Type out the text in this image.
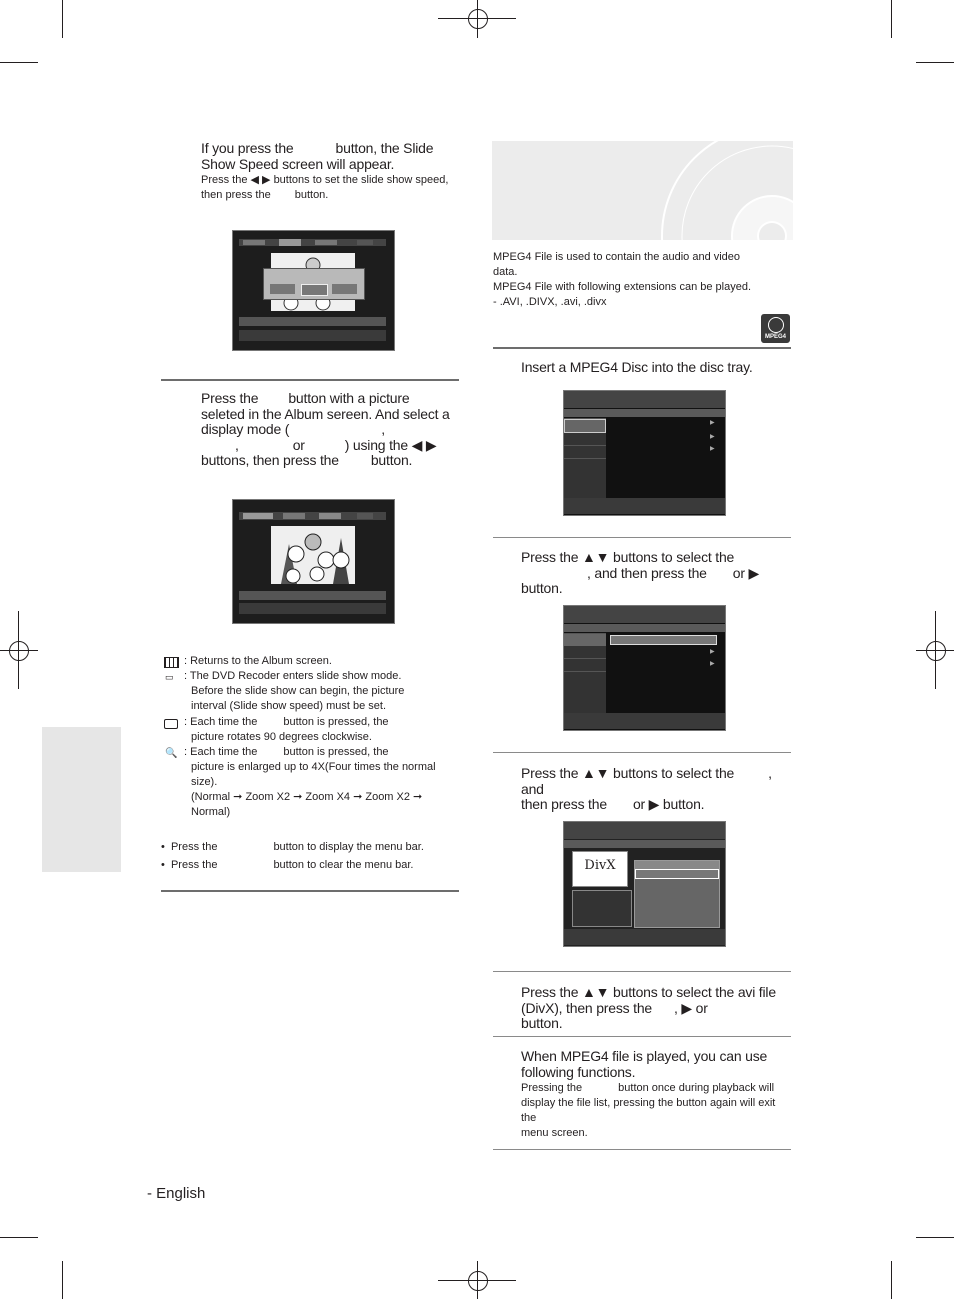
If you press the	button, the Slide
Show Speed screen will appear.
Press the ◀ ▶ buttons to set the slide show speed,
then press the button.
Press the button with a picture
seleted in the Album sereen. And select a
display mode (	,
,	or	) using the ◀ ▶
buttons, then press the button.
: Returns to the Album screen.
▭ : The DVD Recoder enters slide show mode.
Before the slide show can begin, the picture
interval (Slide show speed) must be set.
: Each time the button is pressed, the
picture rotates 90 degrees clockwise.
🔍 : Each time the button is pressed, the
picture is enlarged up to 4X(Four times the normal
size).
(Normal ➞ Zoom X2 ➞ Zoom X4 ➞ Zoom X2 ➞
Normal)
•  Press the	button to display the menu bar.
•  Press the	button to clear the menu bar.
MPEG4 File is used to contain the audio and video
data.
MPEG4 File with following extensions can be played.
- .AVI, .DIVX, .avi, .divx
MPEG4
Insert a MPEG4 Disc into the disc tray.
▶
▶
▶
Press the ▲▼ buttons to select the
, and then press the or ▶
button.
▶
▶
Press the ▲▼ buttons to select the , and
then press the or ▶ button.
DivX
Press the ▲▼ buttons to select the avi file
(DivX), then press the , ▶ orbutton.
When MPEG4 file is played, you can use
following functions.
Pressing the	button once during playback will
display the file list, pressing the button again will exit the
menu screen.
- English
